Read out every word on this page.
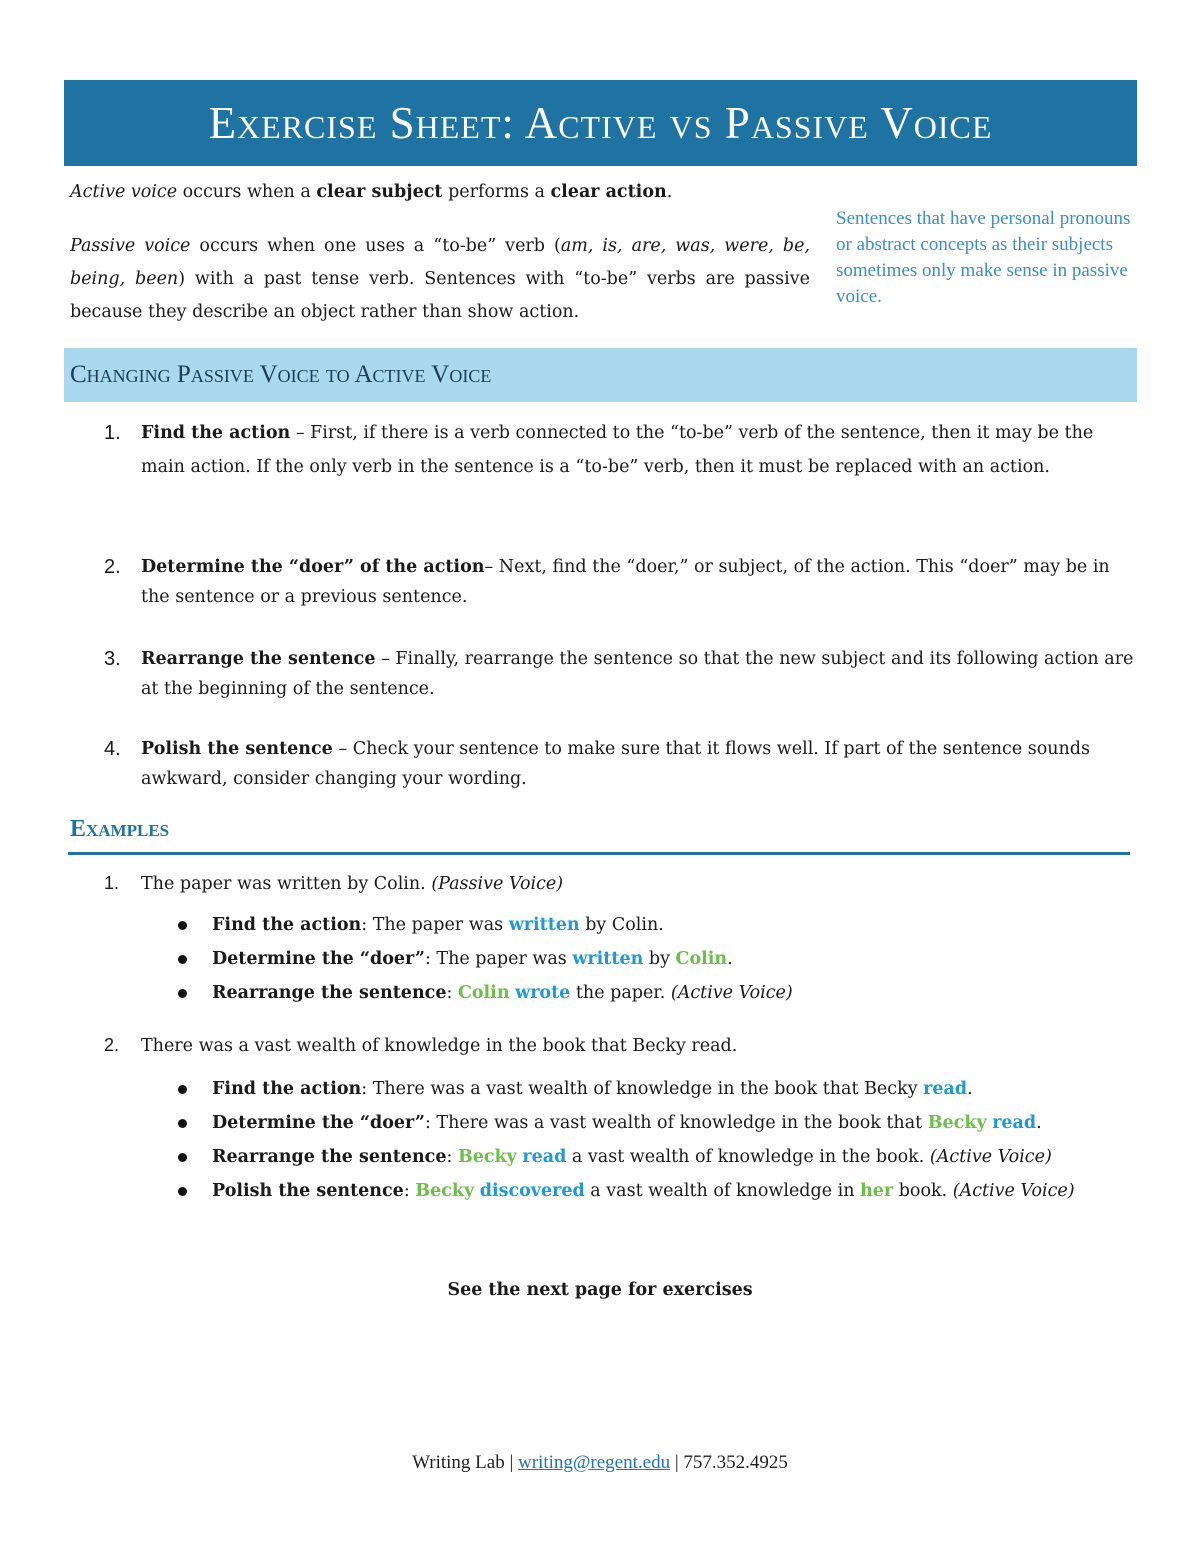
Exercise Sheet: Active vs Passive Voice
Active voice occurs when a clear subject performs a clear action.
Passive voice occurs when one uses a “to-be” verb (am, is, are, was, were, be, being, been) with a past tense verb. Sentences with “to-be” verbs are passive because they describe an object rather than show action.
Sentences that have personal pronouns or abstract concepts as their subjects sometimes only make sense in passive voice.
Changing Passive Voice to Active Voice
1. Find the action – First, if there is a verb connected to the “to-be” verb of the sentence, then it may be the main action. If the only verb in the sentence is a “to-be” verb, then it must be replaced with an action.
2. Determine the “doer” of the action– Next, find the “doer,” or subject, of the action. This “doer” may be in the sentence or a previous sentence.
3. Rearrange the sentence – Finally, rearrange the sentence so that the new subject and its following action are at the beginning of the sentence.
4. Polish the sentence – Check your sentence to make sure that it flows well. If part of the sentence sounds awkward, consider changing your wording.
Examples
1. The paper was written by Colin. (Passive Voice)
Find the action: The paper was written by Colin.
Determine the “doer”: The paper was written by Colin.
Rearrange the sentence: Colin wrote the paper. (Active Voice)
2. There was a vast wealth of knowledge in the book that Becky read.
Find the action: There was a vast wealth of knowledge in the book that Becky read.
Determine the “doer”: There was a vast wealth of knowledge in the book that Becky read.
Rearrange the sentence: Becky read a vast wealth of knowledge in the book. (Active Voice)
Polish the sentence: Becky discovered a vast wealth of knowledge in her book. (Active Voice)
See the next page for exercises
Writing Lab | writing@regent.edu | 757.352.4925
